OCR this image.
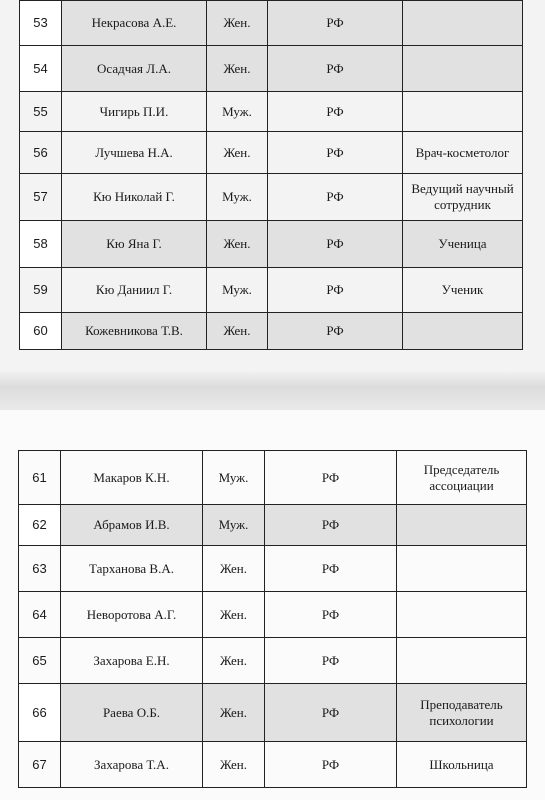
53	Некрасова А.Е.	Жен.	РФ	
54	Осадчая Л.А.	Жен.	РФ	
55	Чигирь П.И.	Муж.	РФ	
56	Лучшева Н.А.	Жен.	РФ	Врач-косметолог
57	Кю Николай Г.	Муж.	РФ	Ведущий научный сотрудник
58	Кю Яна Г.	Жен.	РФ	Ученица
59	Кю Даниил Г.	Муж.	РФ	Ученик
60	Кожевникова Т.В.	Жен.	РФ	
61	Макаров К.Н.	Муж.	РФ	Председатель ассоциации
62	Абрамов И.В.	Муж.	РФ	
63	Тарханова В.А.	Жен.	РФ	
64	Неворотова А.Г.	Жен.	РФ	
65	Захарова Е.Н.	Жен.	РФ	
66	Раева О.Б.	Жен.	РФ	Преподаватель психологии
67	Захарова Т.А.	Жен.	РФ	Школьница
